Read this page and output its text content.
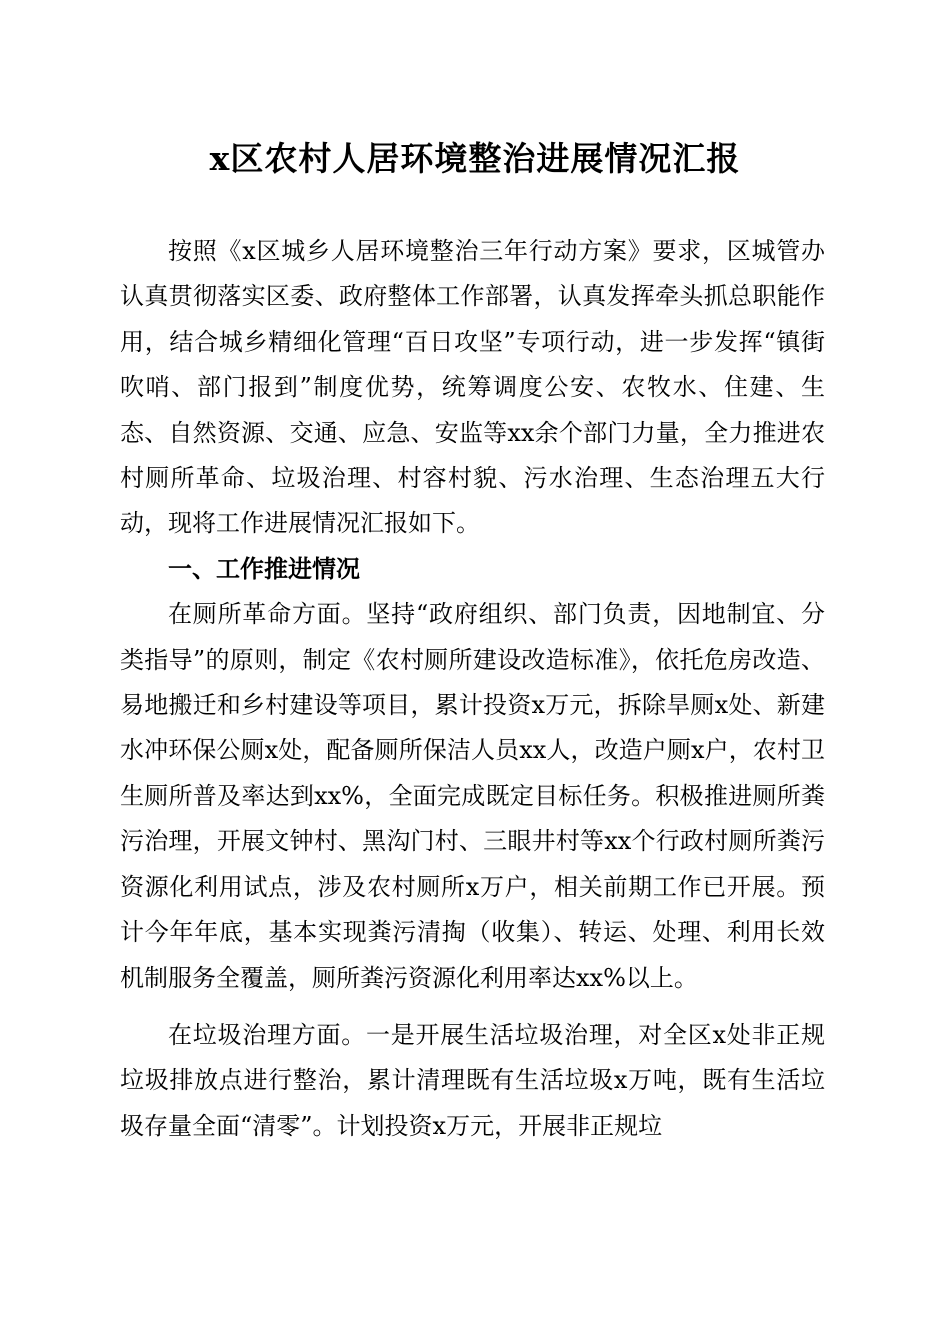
x区农村人居环境整治进展情况汇报

按照《x区城乡人居环境整治三年行动方案》要求，区城管办认真贯彻落实区委、政府整体工作部署，认真发挥牵头抓总职能作用，结合城乡精细化管理“百日攻坚”专项行动，进一步发挥“镇街吹哨、部门报到”制度优势，统筹调度公安、农牧水、住建、生态、自然资源、交通、应急、安监等xx余个部门力量，全力推进农村厕所革命、垃圾治理、村容村貌、污水治理、生态治理五大行动，现将工作进展情况汇报如下。

一、工作推进情况

在厕所革命方面。坚持“政府组织、部门负责，因地制宜、分类指导”的原则，制定《农村厕所建设改造标准》，依托危房改造、易地搬迁和乡村建设等项目，累计投资x万元，拆除旱厕x处、新建水冲环保公厕x处，配备厕所保洁人员xx人，改造户厕x户，农村卫生厕所普及率达到xx%，全面完成既定目标任务。积极推进厕所粪污治理，开展文钟村、黑沟门村、三眼井村等xx个行政村厕所粪污资源化利用试点，涉及农村厕所x万户，相关前期工作已开展。预计今年年底，基本实现粪污清掏（收集）、转运、处理、利用长效机制服务全覆盖，厕所粪污资源化利用率达xx%以上。

在垃圾治理方面。一是开展生活垃圾治理，对全区x处非正规垃圾排放点进行整治，累计清理既有生活垃圾x万吨，既有生活垃圾存量全面“清零”。计划投资x万元，开展非正规垃
